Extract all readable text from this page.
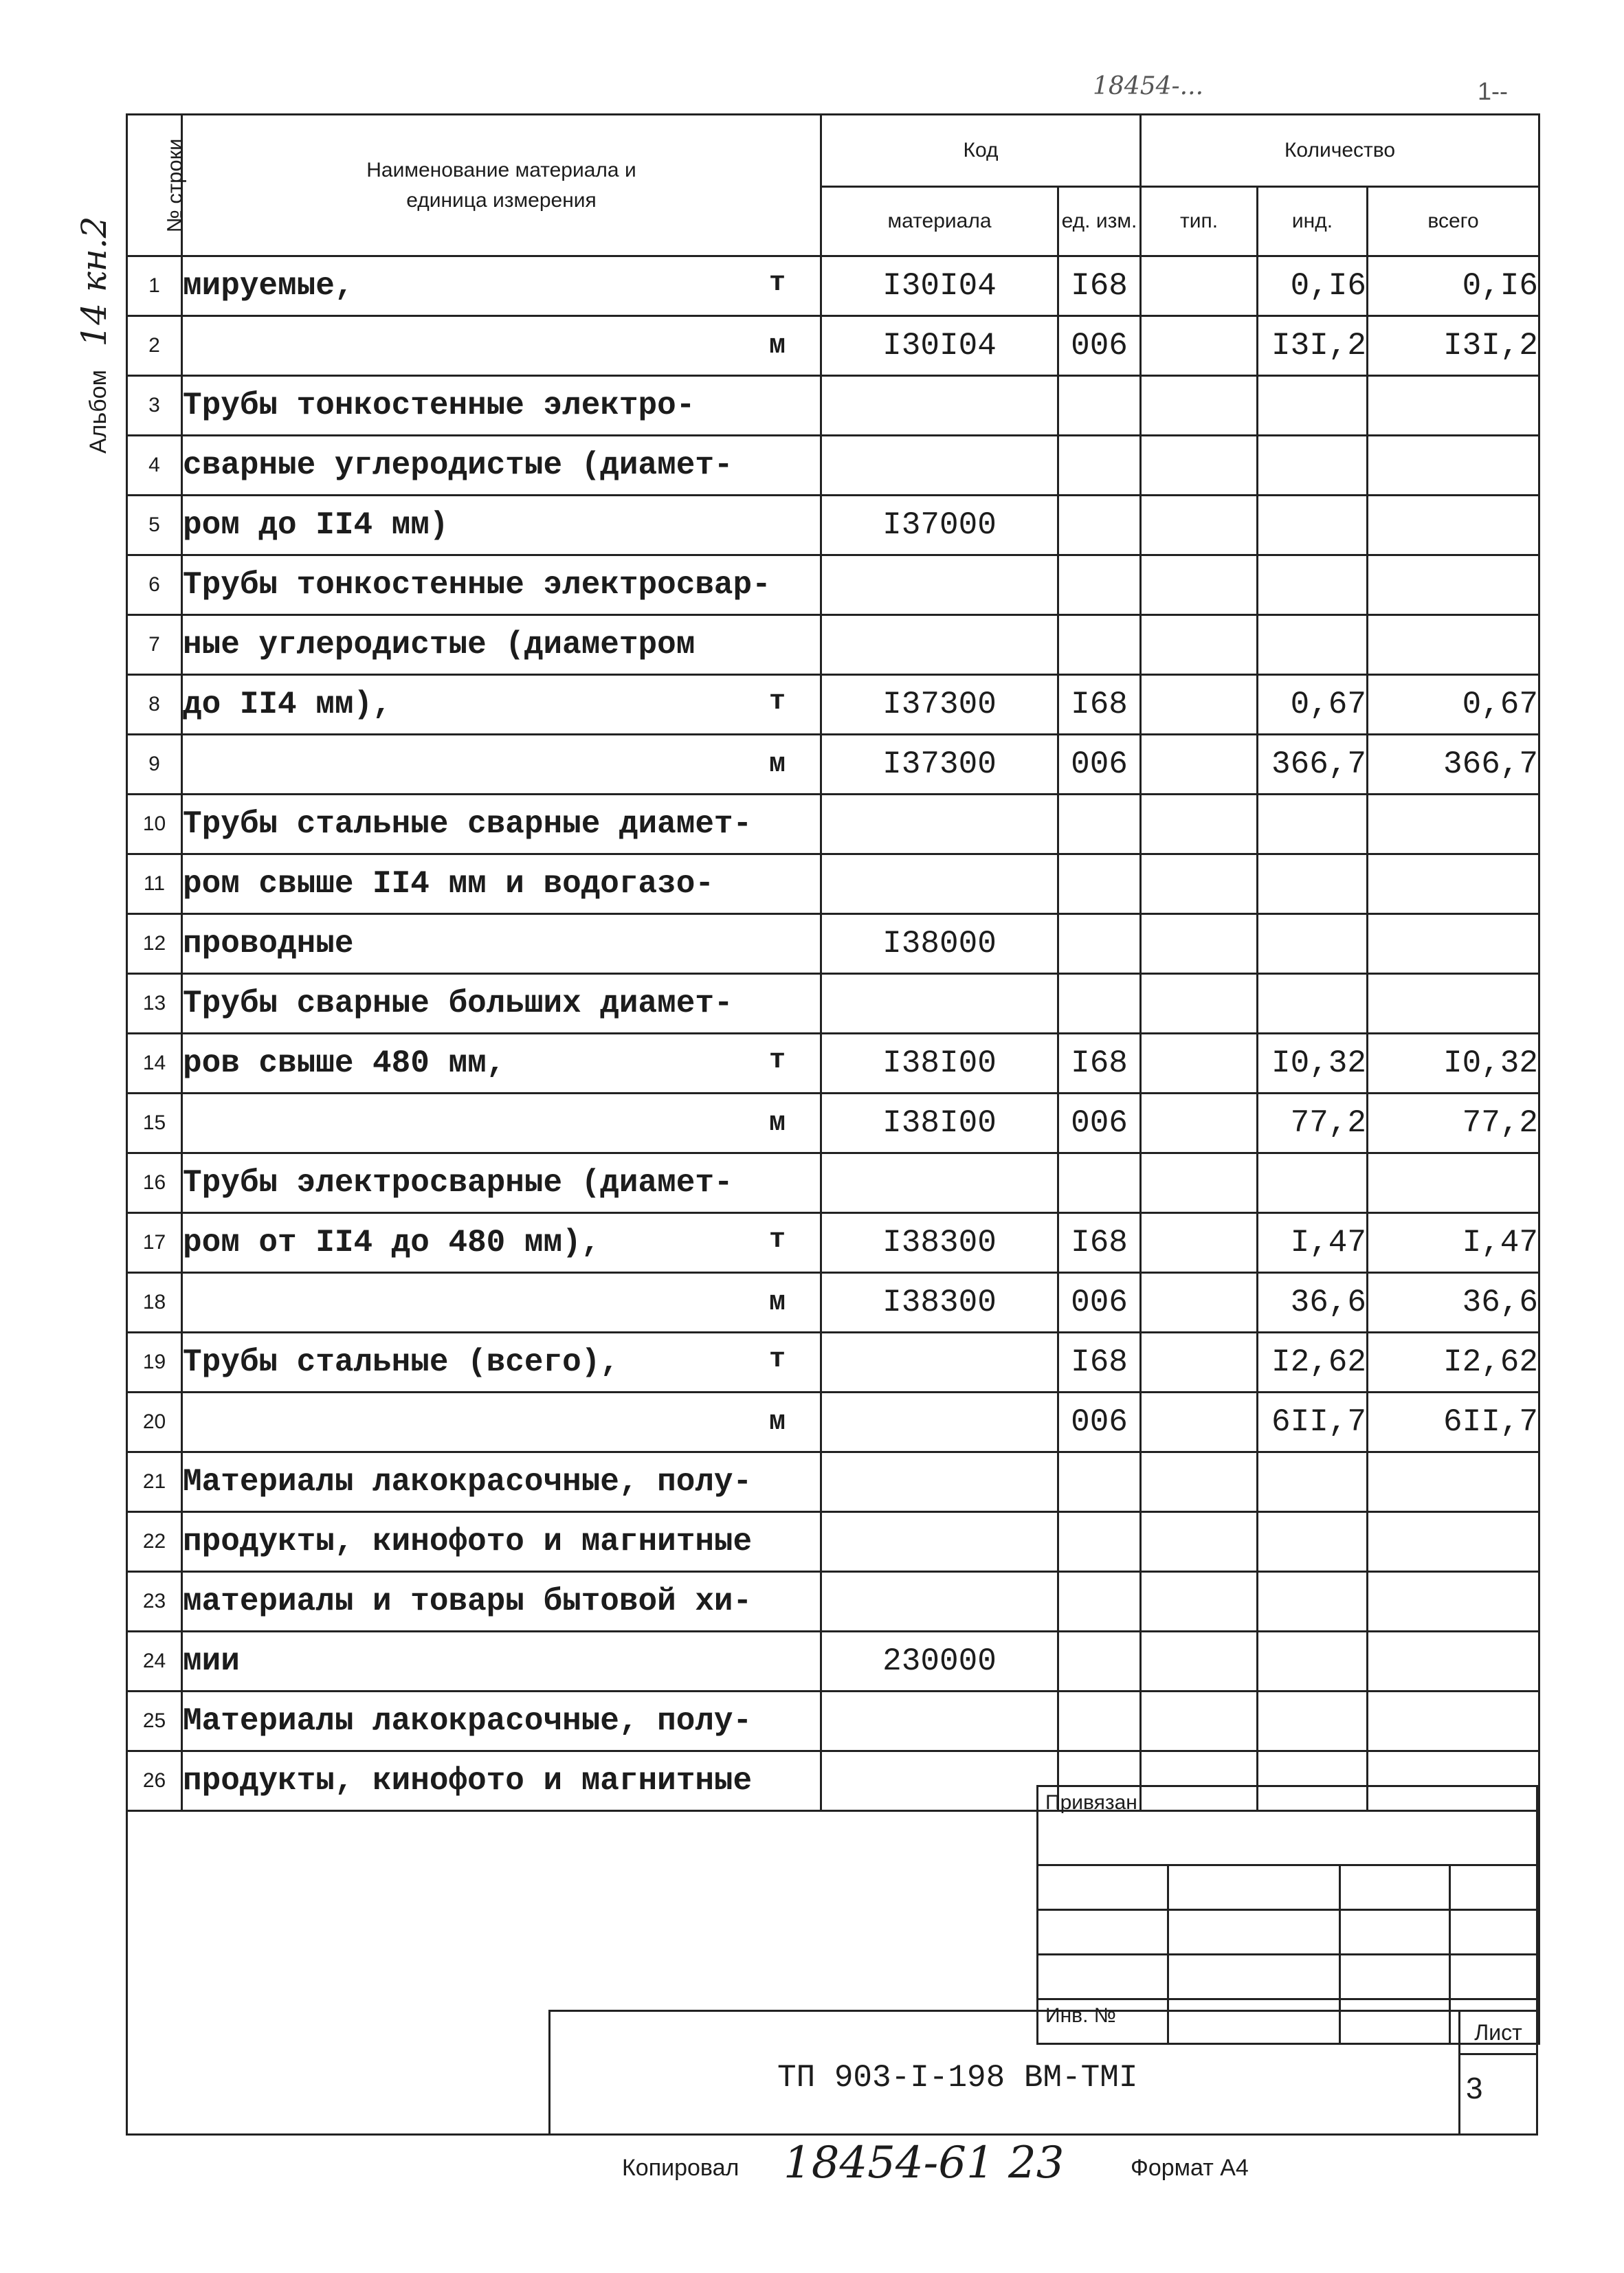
18454-...	1--
Альбом 14 кн.2
№ строки	Наименование материала и единица измерения	Код		Количество		
		материала	ед. изм.	тип.	инд.	всего
1	мируемые, т	I30I04	I68		0,I6	0,I6
2	м	I30I04	006		I3I,2	I3I,2
3	Трубы тонкостенные электро-					

4	сварные углеродистые (диамет-					

5	ром до II4 мм)	I37000				
6	Трубы тонкостенные электросвар-					

7	ные углеродистые (диаметром					

8	до II4 мм), т	I37300	I68		0,67	0,67
9	м	I37300	006		366,7	366,7
10	Трубы стальные сварные диамет-					

11	ром свыше II4 мм и водогазо-					

12	проводные	I38000				
13	Трубы сварные больших диамет-					

14	ров свыше 480 мм, т	I38I00	I68		I0,32	I0,32
15	м	I38I00	006		77,2	77,2
16	Трубы электросварные (диамет-					

17	ром от II4 до 480 мм), т	I38300	I68		I,47	I,47
18	м	I38300	006		36,6	36,6
19	Трубы стальные (всего), т		I68		I2,62	I2,62
20	м		006		6II,7	6II,7
21	Материалы лакокрасочные, полу-					

22	продукты, кинофото и магнитные					

23	материалы и товары бытовой хи-					

24	мии	230000				
25	Материалы лакокрасочные, полу-					

26	продукты, кинофото и магнитные					

Привязан			

Инв. №			
ТП 903-I-198 ВМ-ТМI
Лист
3
Копировал 18454-61 23	Формат А4
